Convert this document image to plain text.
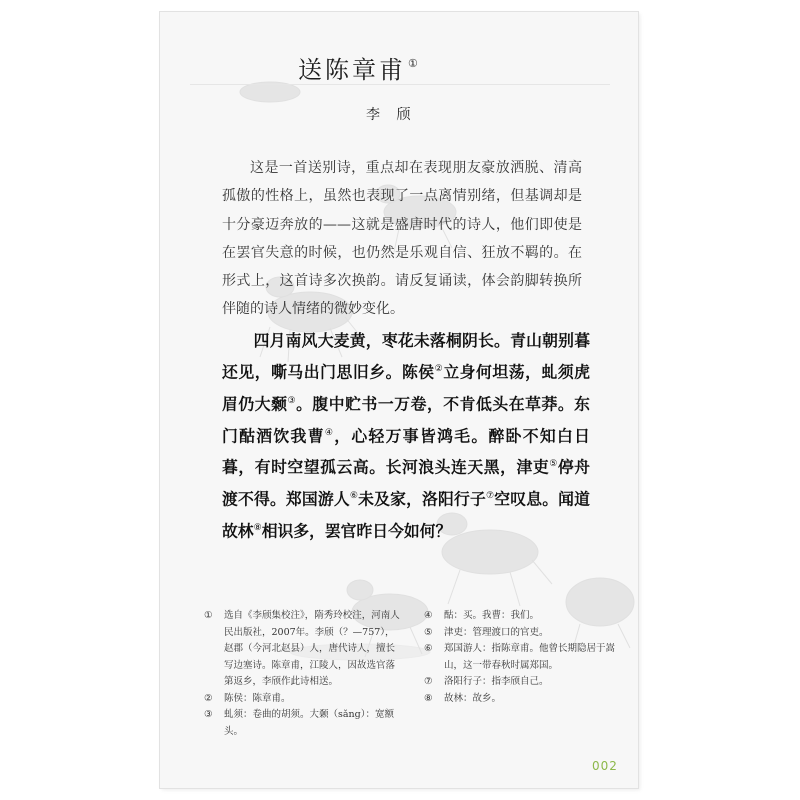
送陈章甫 ①
李 颀

这是一首送别诗，重点却在表现朋友豪放洒脱、清高孤傲的性格上，虽然也表现了一点离情别绪，但基调却是十分豪迈奔放的——这就是盛唐时代的诗人，他们即使是在罢官失意的时候，也仍然是乐观自信、狂放不羁的。在形式上，这首诗多次换韵。请反复诵读，体会韵脚转换所伴随的诗人情绪的微妙变化。

四月南风大麦黄，枣花未落桐阴长。青山朝别暮还见，嘶马出门思旧乡。陈侯②立身何坦荡，虬须虎眉仍大颡③。腹中贮书一万卷，不肯低头在草莽。东门酤酒饮我曹④，心轻万事皆鸿毛。醉卧不知白日暮，有时空望孤云高。长河浪头连天黑，津吏⑤停舟渡不得。郑国游人⑥未及家，洛阳行子⑦空叹息。闻道故林⑧相识多，罢官昨日今如何？

①	选自《李颀集校注》，隋秀玲校注，河南人民出版社，2007年。李颀（？—757），赵郡（今河北赵县）人，唐代诗人，擅长写边塞诗。陈章甫，江陵人，因故选官落第返乡，李颀作此诗相送。
②	陈侯：陈章甫。
③	虬须：卷曲的胡须。大颡（sǎng）：宽额头。
④	酤：买。我曹：我们。
⑤	津吏：管理渡口的官吏。
⑥	郑国游人：指陈章甫。他曾长期隐居于嵩山，这一带春秋时属郑国。
⑦	洛阳行子：指李颀自己。
⑧	故林：故乡。
002
